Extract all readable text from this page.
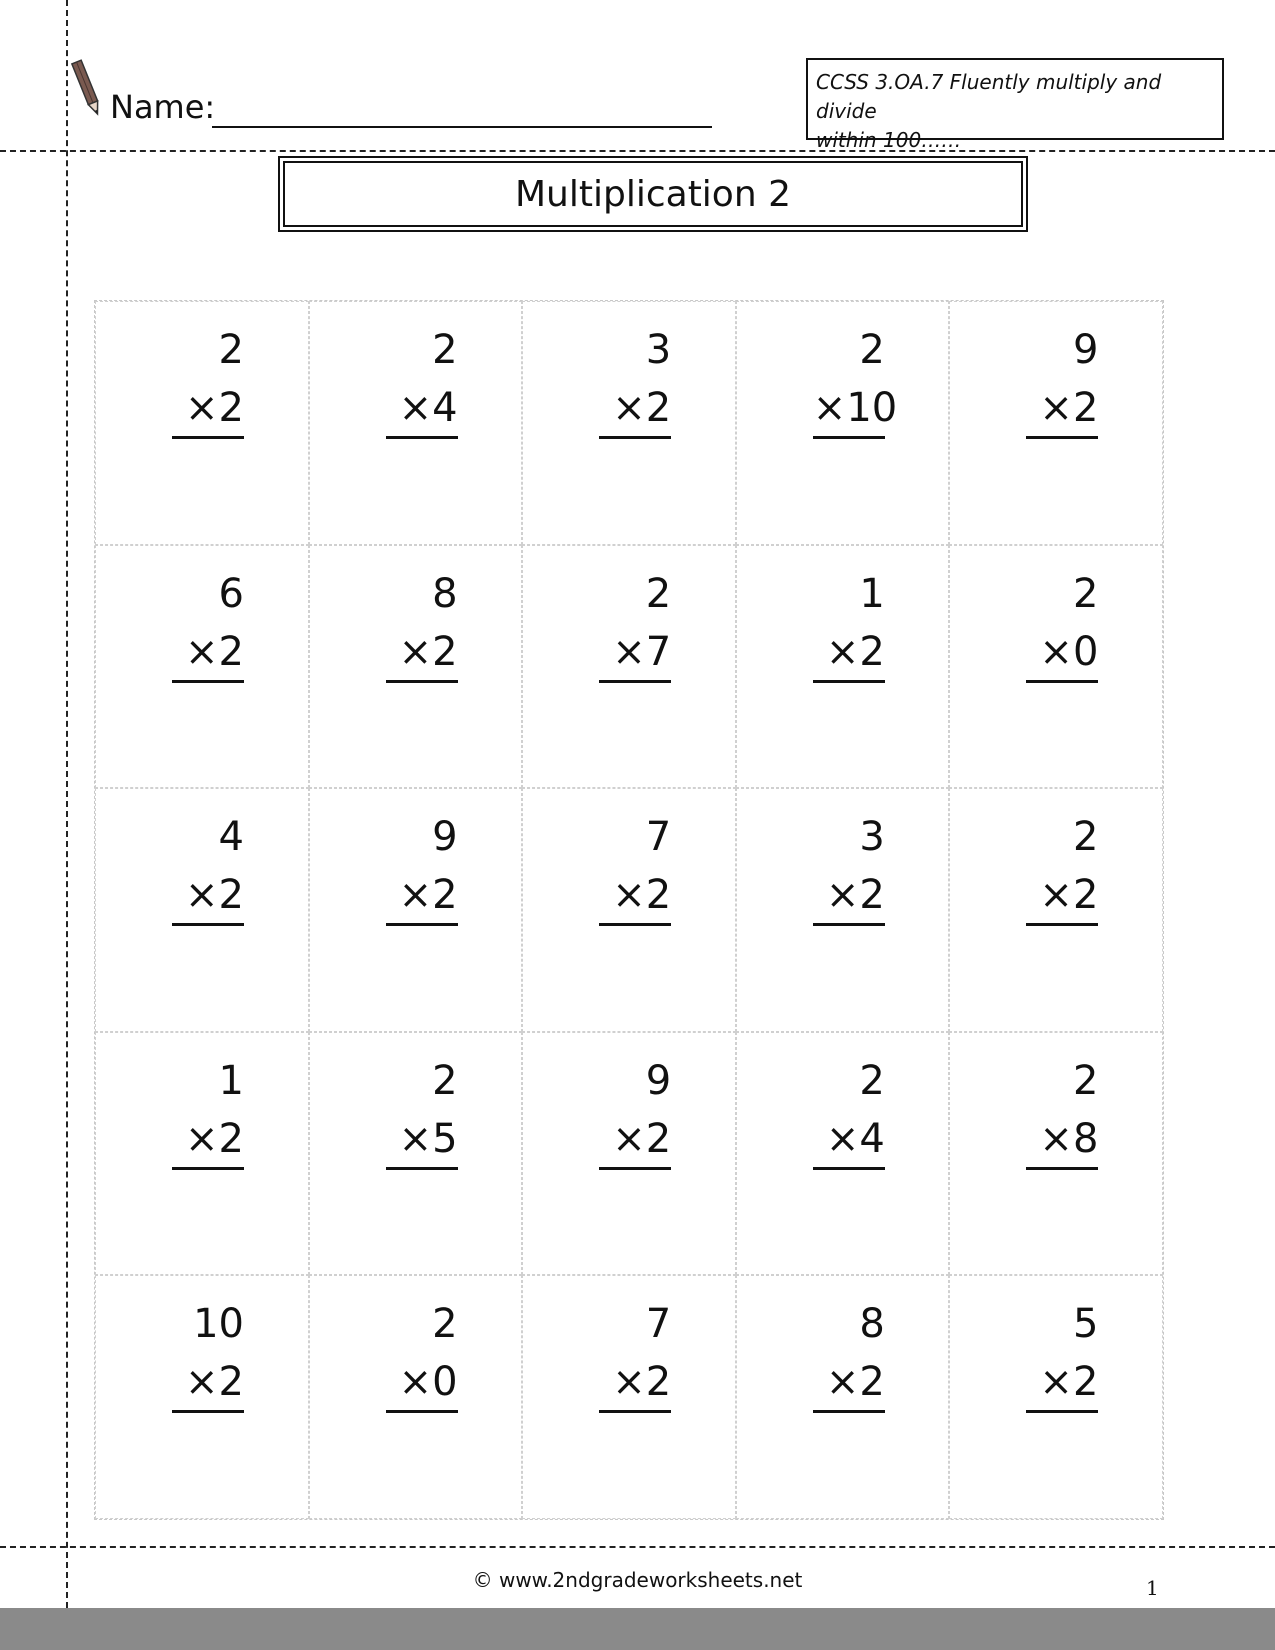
Name:
CCSS 3.OA.7 Fluently multiply and divide
within 100……
Multiplication 2
2
×2
2
×4
3
×2
2
×10
9
×2
6
×2
8
×2
2
×7
1
×2
2
×0
4
×2
9
×2
7
×2
3
×2
2
×2
1
×2
2
×5
9
×2
2
×4
2
×8
10
×2
2
×0
7
×2
8
×2
5
×2
© www.2ndgradeworksheets.net	1
